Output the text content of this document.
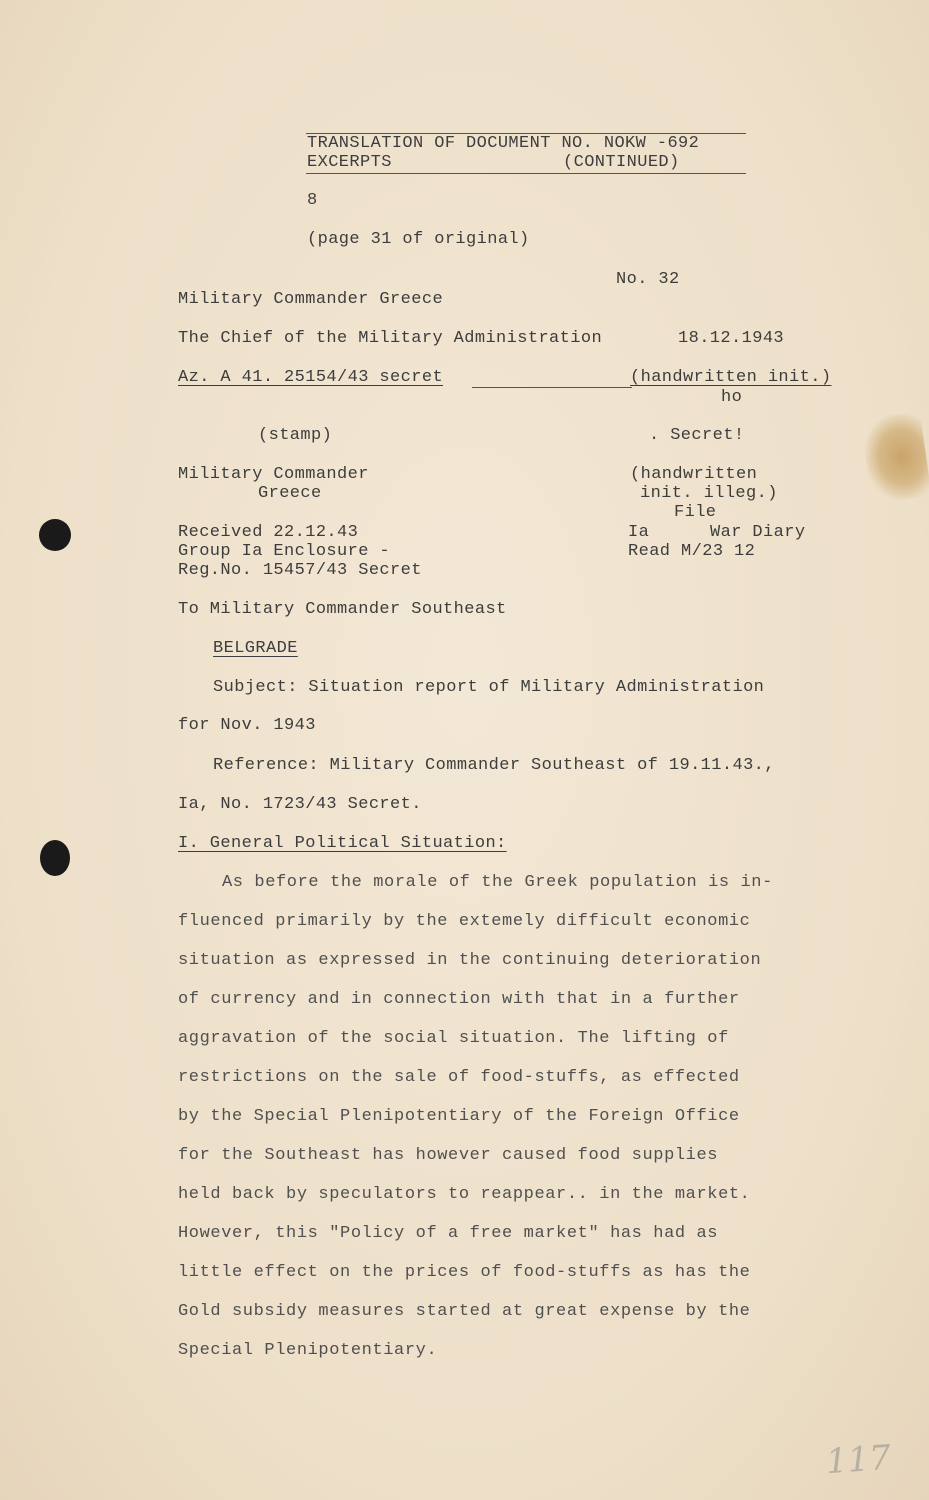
TRANSLATION OF DOCUMENT NO. NOKW -692
EXCERPTS	(CONTINUED)
8
(page 31 of original)
No. 32
Military Commander Greece
The Chief of the Military Administration	18.12.1943
Az. A 41. 25154/43 secret	(handwritten init.)
ho
(stamp)	. Secret!
Military Commander
Greece
Received 22.12.43
Group Ia Enclosure -
Reg.No. 15457/43 Secret
(handwritten
init. illeg.)
File
Ia	War Diary
Read M/23 12
To Military Commander Southeast
BELGRADE
Subject: Situation report of Military Administration
for Nov. 1943
Reference: Military Commander Southeast of 19.11.43.,
Ia, No. 1723/43 Secret.
I. General Political Situation:
As before the morale of the Greek population is in-
fluenced primarily by the extemely difficult economic
situation as expressed in the continuing deterioration
of currency and in connection with that in a further
aggravation of the social situation. The lifting of
restrictions on the sale of food-stuffs, as effected
by the Special Plenipotentiary of the Foreign Office
for the Southeast has however caused food supplies
held back by speculators to reappear.. in the market.
However, this "Policy of a free market" has had as
little effect on the prices of food-stuffs as has the
Gold subsidy measures started at great expense by the
Special Plenipotentiary.
117
